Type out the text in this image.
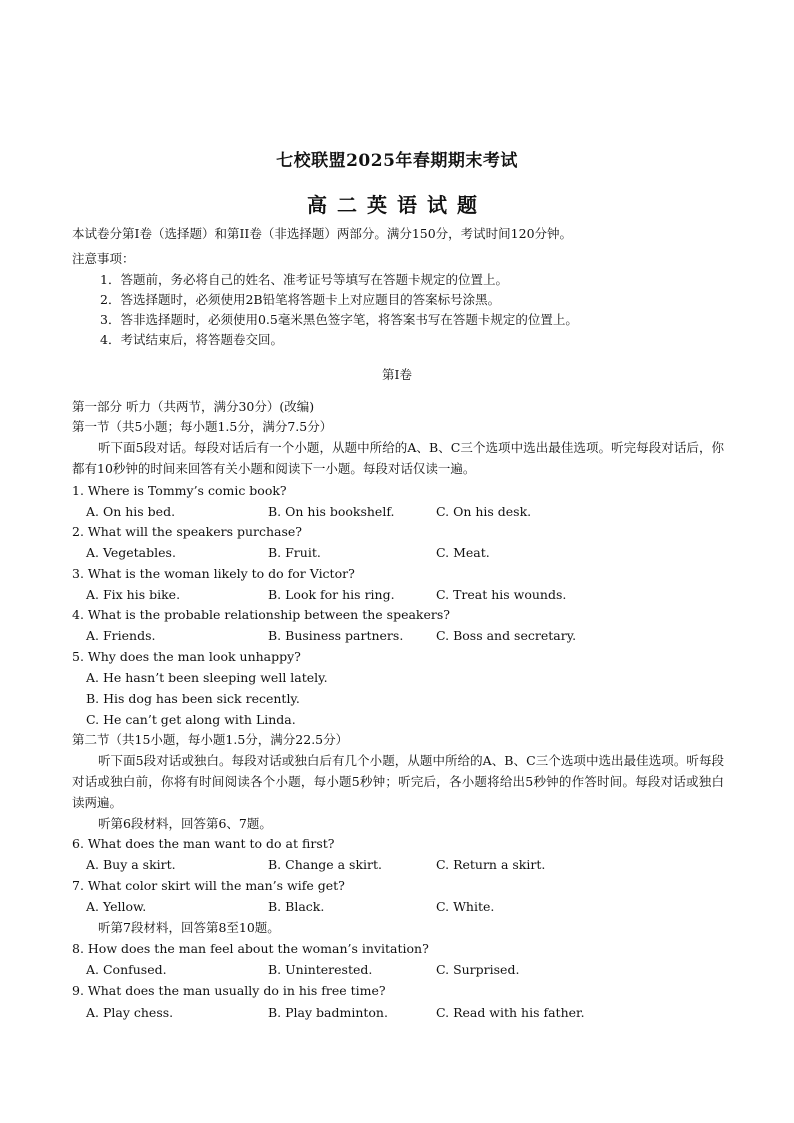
七校联盟2025年春期期末考试
高二英语试题
本试卷分第I卷（选择题）和第II卷（非选择题）两部分。满分150分，考试时间120分钟。
注意事项：
1．答题前，务必将自己的姓名、准考证号等填写在答题卡规定的位置上。
2．答选择题时，必须使用2B铅笔将答题卡上对应题目的答案标号涂黑。
3．答非选择题时，必须使用0.5毫米黑色签字笔，将答案书写在答题卡规定的位置上。
4．考试结束后，将答题卷交回。
第I卷
第一部分 听力（共两节，满分30分）(改编)
第一节（共5小题；每小题1.5分，满分7.5分）
听下面5段对话。每段对话后有一个小题，从题中所给的A、B、C三个选项中选出最佳选项。听完每段对话后，你都有10秒钟的时间来回答有关小题和阅读下一小题。每段对话仅读一遍。
1. Where is Tommy’s comic book?
A. On his bed.	B. On his bookshelf.	C. On his desk.
2. What will the speakers purchase?
A. Vegetables.	B. Fruit.	C. Meat.
3. What is the woman likely to do for Victor?
A. Fix his bike.	B. Look for his ring.	C. Treat his wounds.
4. What is the probable relationship between the speakers?
A. Friends.	B. Business partners.	C. Boss and secretary.
5. Why does the man look unhappy?
A. He hasn’t been sleeping well lately.
B. His dog has been sick recently.
C. He can’t get along with Linda.
第二节（共15小题，每小题1.5分，满分22.5分）
听下面5段对话或独白。每段对话或独白后有几个小题，从题中所给的A、B、C三个选项中选出最佳选项。听每段对话或独白前，你将有时间阅读各个小题，每小题5秒钟；听完后，各小题将给出5秒钟的作答时间。每段对话或独白读两遍。
听第6段材料，回答第6、7题。
6. What does the man want to do at first?
A. Buy a skirt.	B. Change a skirt.	C. Return a skirt.
7. What color skirt will the man’s wife get?
A. Yellow.	B. Black.	C. White.
听第7段材料，回答第8至10题。
8. How does the man feel about the woman’s invitation?
A. Confused.	B. Uninterested.	C. Surprised.
9. What does the man usually do in his free time?
A. Play chess.	B. Play badminton.	C. Read with his father.
